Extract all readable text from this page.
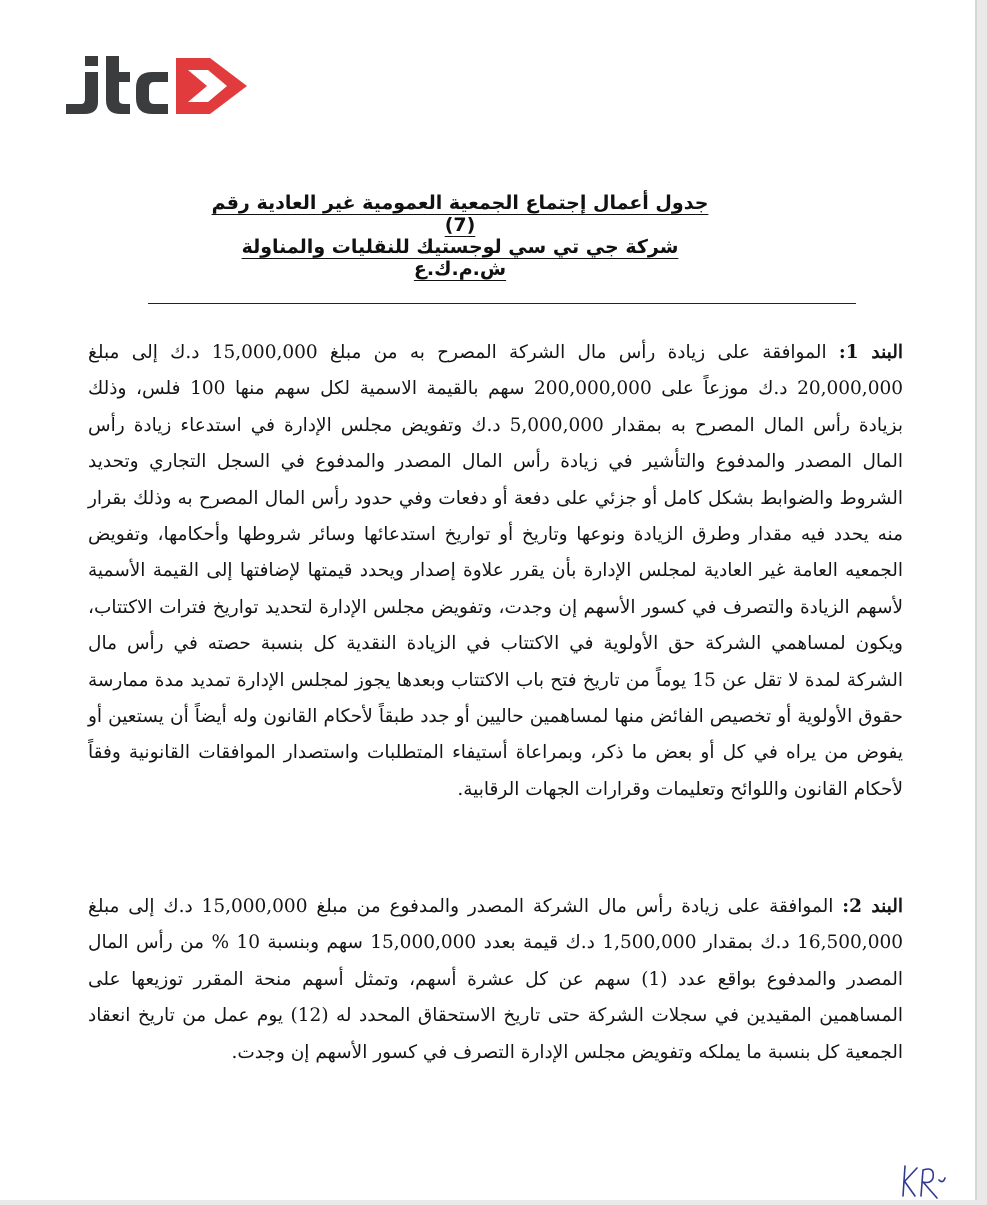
جدول أعمال إجتماع الجمعية العمومية غير العادية رقم (7)
شركة جي تي سي لوجستيك للنقليات والمناولة ش.م.ك.ع

البند 1: الموافقة على زيادة رأس مال الشركة المصرح به من مبلغ 15,000,000 د.ك إلى مبلغ 20,000,000 د.ك موزعاً على 200,000,000 سهم بالقيمة الاسمية لكل سهم منها 100 فلس، وذلك بزيادة رأس المال المصرح به بمقدار 5,000,000 د.ك وتفويض مجلس الإدارة في استدعاء زيادة رأس المال المصدر والمدفوع والتأشير في زيادة رأس المال المصدر والمدفوع في السجل التجاري وتحديد الشروط والضوابط بشكل كامل أو جزئي على دفعة أو دفعات وفي حدود رأس المال المصرح به وذلك بقرار منه يحدد فيه مقدار وطرق الزيادة ونوعها وتاريخ أو تواريخ استدعائها وسائر شروطها وأحكامها، وتفويض الجمعيه العامة غير العادية لمجلس الإدارة بأن يقرر علاوة إصدار ويحدد قيمتها لإضافتها إلى القيمة الأسمية لأسهم الزيادة والتصرف في كسور الأسهم إن وجدت، وتفويض مجلس الإدارة لتحديد تواريخ فترات الاكتتاب، ويكون لمساهمي الشركة حق الأولوية في الاكتتاب في الزيادة النقدية كل بنسبة حصته في رأس مال الشركة لمدة لا تقل عن 15 يوماً من تاريخ فتح باب الاكتتاب وبعدها يجوز لمجلس الإدارة تمديد مدة ممارسة حقوق الأولوية أو تخصيص الفائض منها لمساهمين حاليين أو جدد طبقاً لأحكام القانون وله أيضاً أن يستعين أو يفوض من يراه في كل أو بعض ما ذكر، وبمراعاة أستيفاء المتطلبات واستصدار الموافقات القانونية وفقاً لأحكام القانون واللوائح وتعليمات وقرارات الجهات الرقابية.

البند 2: الموافقة على زيادة رأس مال الشركة المصدر والمدفوع من مبلغ 15,000,000 د.ك إلى مبلغ 16,500,000 د.ك بمقدار 1,500,000 د.ك قيمة بعدد 15,000,000 سهم وبنسبة 10 % من رأس المال المصدر والمدفوع بواقع عدد (1) سهم عن كل عشرة أسهم، وتمثل أسهم منحة المقرر توزيعها على المساهمين المقيدين في سجلات الشركة حتى تاريخ الاستحقاق المحدد له (12) يوم عمل من تاريخ انعقاد الجمعية كل بنسبة ما يملكه وتفويض مجلس الإدارة التصرف في كسور الأسهم إن وجدت.
